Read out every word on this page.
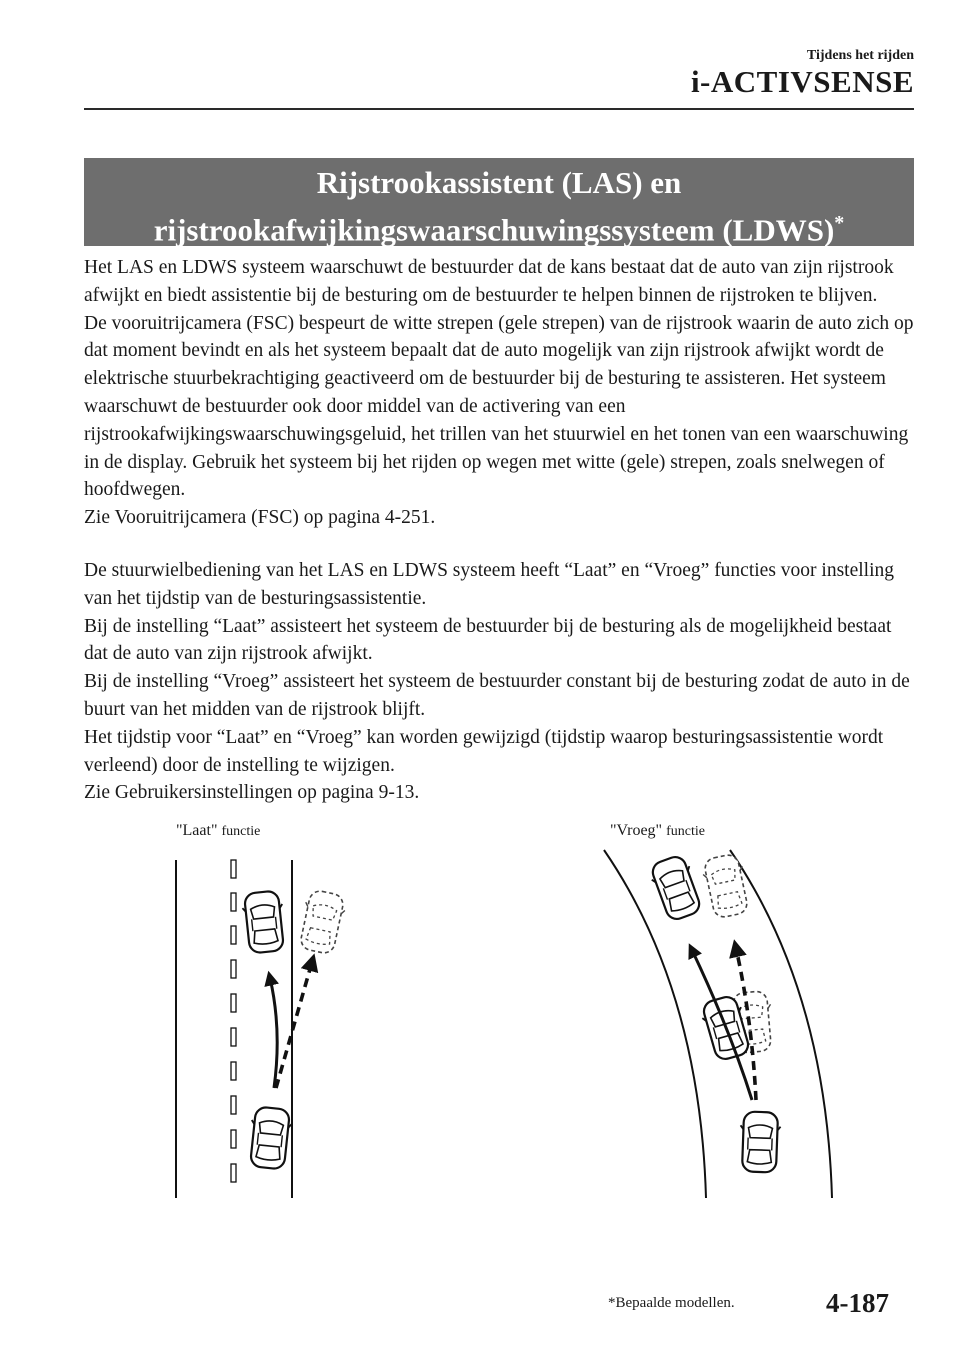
Tijdens het rijden
i-ACTIVSENSE
Rijstrookassistent (LAS) en
rijstrookafwijkingswaarschuwingssysteem (LDWS)*

Het LAS en LDWS systeem waarschuwt de bestuurder dat de kans bestaat dat de auto van zijn rijstrook afwijkt en biedt assistentie bij de besturing om de bestuurder te helpen binnen de rijstroken te blijven.

De vooruitrijcamera (FSC) bespeurt de witte strepen (gele strepen) van de rijstrook waarin de auto zich op dat moment bevindt en als het systeem bepaalt dat de auto mogelijk van zijn rijstrook afwijkt wordt de elektrische stuurbekrachtiging geactiveerd om de bestuurder bij de besturing te assisteren. Het systeem waarschuwt de bestuurder ook door middel van de activering van een rijstrookafwijkingswaarschuwingsgeluid, het trillen van het stuurwiel en het tonen van een waarschuwing in de display. Gebruik het systeem bij het rijden op wegen met witte (gele) strepen, zoals snelwegen of hoofdwegen.

Zie Vooruitrijcamera (FSC) op pagina 4-251.

De stuurwielbediening van het LAS en LDWS systeem heeft “Laat” en “Vroeg” functies voor instelling van het tijdstip van de besturingsassistentie.

Bij de instelling “Laat” assisteert het systeem de bestuurder bij de besturing als de mogelijkheid bestaat dat de auto van zijn rijstrook afwijkt.

Bij de instelling “Vroeg” assisteert het systeem de bestuurder constant bij de besturing zodat de auto in de buurt van het midden van de rijstrook blijft.

Het tijdstip voor “Laat” en “Vroeg” kan worden gewijzigd (tijdstip waarop besturingsassistentie wordt verleend) door de instelling te wijzigen.

Zie Gebruikersinstellingen op pagina 9-13.

"Laat" functie	"Vroeg" functie
*Bepaalde modellen.	4-187
